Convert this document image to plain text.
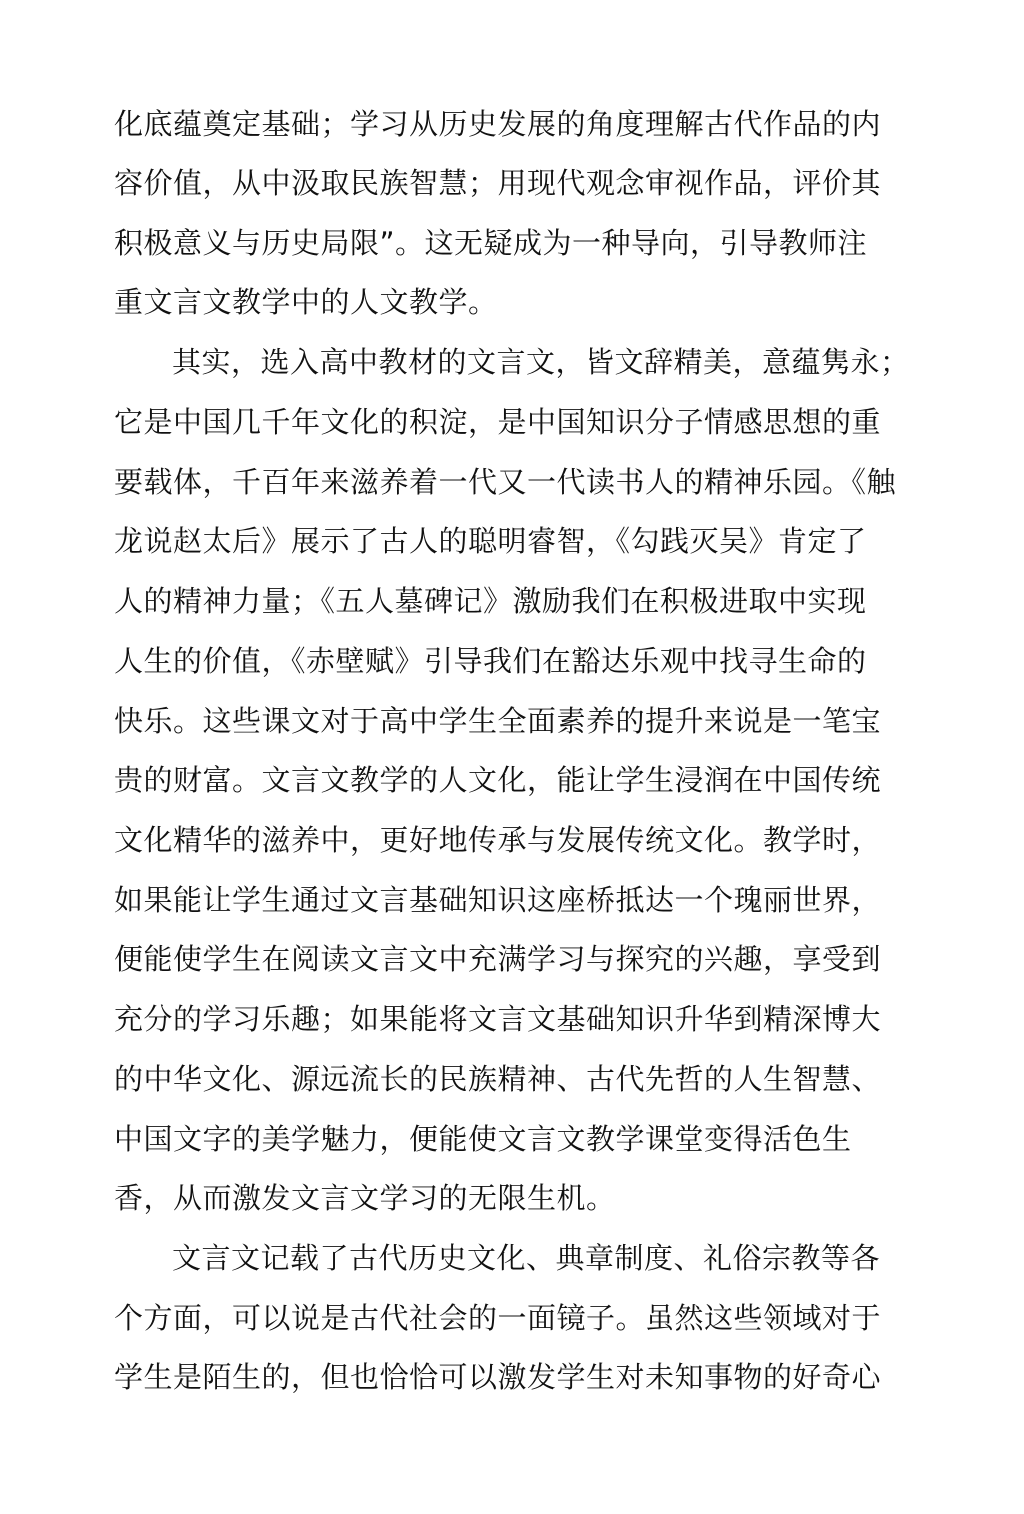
化底蕴奠定基础；学习从历史发展的角度理解古代作品的内
容价值，从中汲取民族智慧；用现代观念审视作品，评价其
积极意义与历史局限”。这无疑成为一种导向，引导教师注
重文言文教学中的人文教学。
其实，选入高中教材的文言文，皆文辞精美，意蕴隽永；
它是中国几千年文化的积淀，是中国知识分子情感思想的重
要载体，千百年来滋养着一代又一代读书人的精神乐园。《触
龙说赵太后》展示了古人的聪明睿智，《勾践灭吴》肯定了
人的精神力量；《五人墓碑记》激励我们在积极进取中实现
人生的价值，《赤壁赋》引导我们在豁达乐观中找寻生命的
快乐。这些课文对于高中学生全面素养的提升来说是一笔宝
贵的财富。文言文教学的人文化，能让学生浸润在中国传统
文化精华的滋养中，更好地传承与发展传统文化。教学时，
如果能让学生通过文言基础知识这座桥抵达一个瑰丽世界，
便能使学生在阅读文言文中充满学习与探究的兴趣，享受到
充分的学习乐趣；如果能将文言文基础知识升华到精深博大
的中华文化、源远流长的民族精神、古代先哲的人生智慧、
中国文字的美学魅力，便能使文言文教学课堂变得活色生
香，从而激发文言文学习的无限生机。
文言文记载了古代历史文化、典章制度、礼俗宗教等各
个方面，可以说是古代社会的一面镜子。虽然这些领域对于
学生是陌生的，但也恰恰可以激发学生对未知事物的好奇心
